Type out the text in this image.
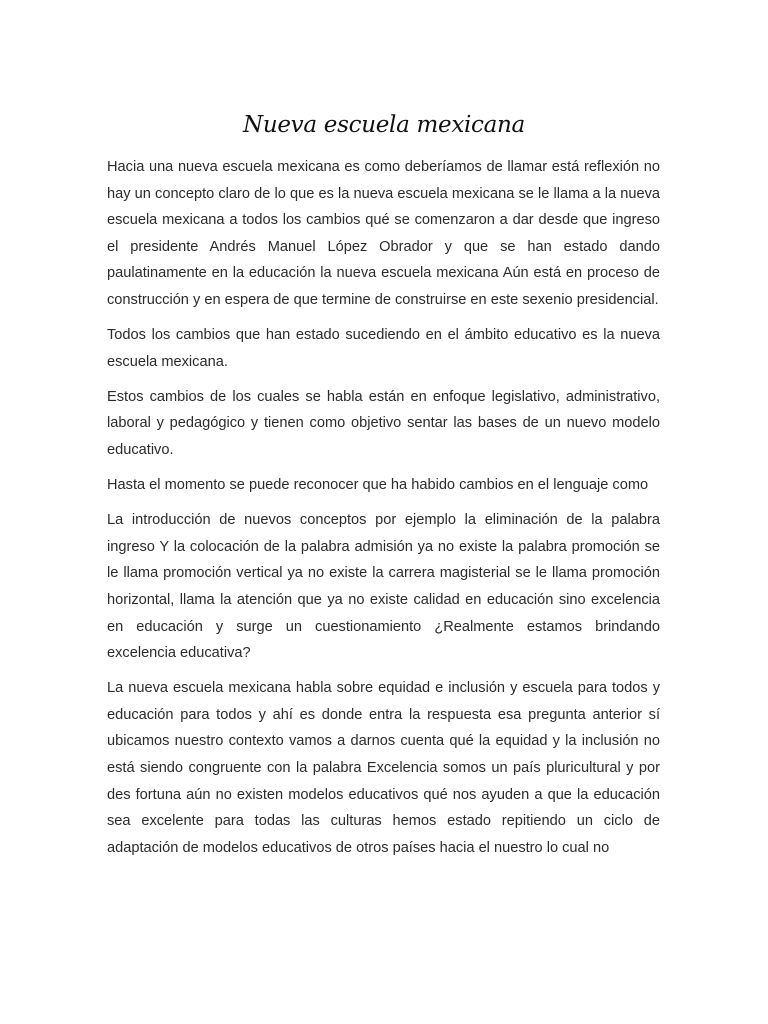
Nueva escuela mexicana

Hacia una nueva escuela mexicana es como deberíamos de llamar está reflexión no hay un concepto claro de lo que es la nueva escuela mexicana se le llama a la nueva escuela mexicana a todos los cambios qué se comenzaron a dar desde que ingreso el presidente Andrés Manuel López Obrador y que se han estado dando paulatinamente en la educación la nueva escuela mexicana Aún está en proceso de construcción y en espera de que termine de construirse en este sexenio presidencial.

Todos los cambios que han estado sucediendo en el ámbito educativo es la nueva escuela mexicana.

Estos cambios de los cuales se habla están en enfoque legislativo, administrativo, laboral y pedagógico y tienen como objetivo sentar las bases de un nuevo modelo educativo.

Hasta el momento se puede reconocer que ha habido cambios en el lenguaje como

La introducción de nuevos conceptos por ejemplo la eliminación de la palabra ingreso Y la colocación de la palabra admisión ya no existe la palabra promoción se le llama promoción vertical ya no existe la carrera magisterial se le llama promoción horizontal, llama la atención que ya no existe calidad en educación sino excelencia en educación y surge un cuestionamiento ¿Realmente estamos brindando excelencia educativa?

La nueva escuela mexicana habla sobre equidad e inclusión y escuela para todos y educación para todos y ahí es donde entra la respuesta esa pregunta anterior sí ubicamos nuestro contexto vamos a darnos cuenta qué la equidad y la inclusión no está siendo congruente con la palabra Excelencia somos un país pluricultural y por des fortuna aún no existen modelos educativos qué nos ayuden a que la educación sea excelente para todas las culturas hemos estado repitiendo un ciclo de adaptación de modelos educativos de otros países hacia el nuestro lo cual no
